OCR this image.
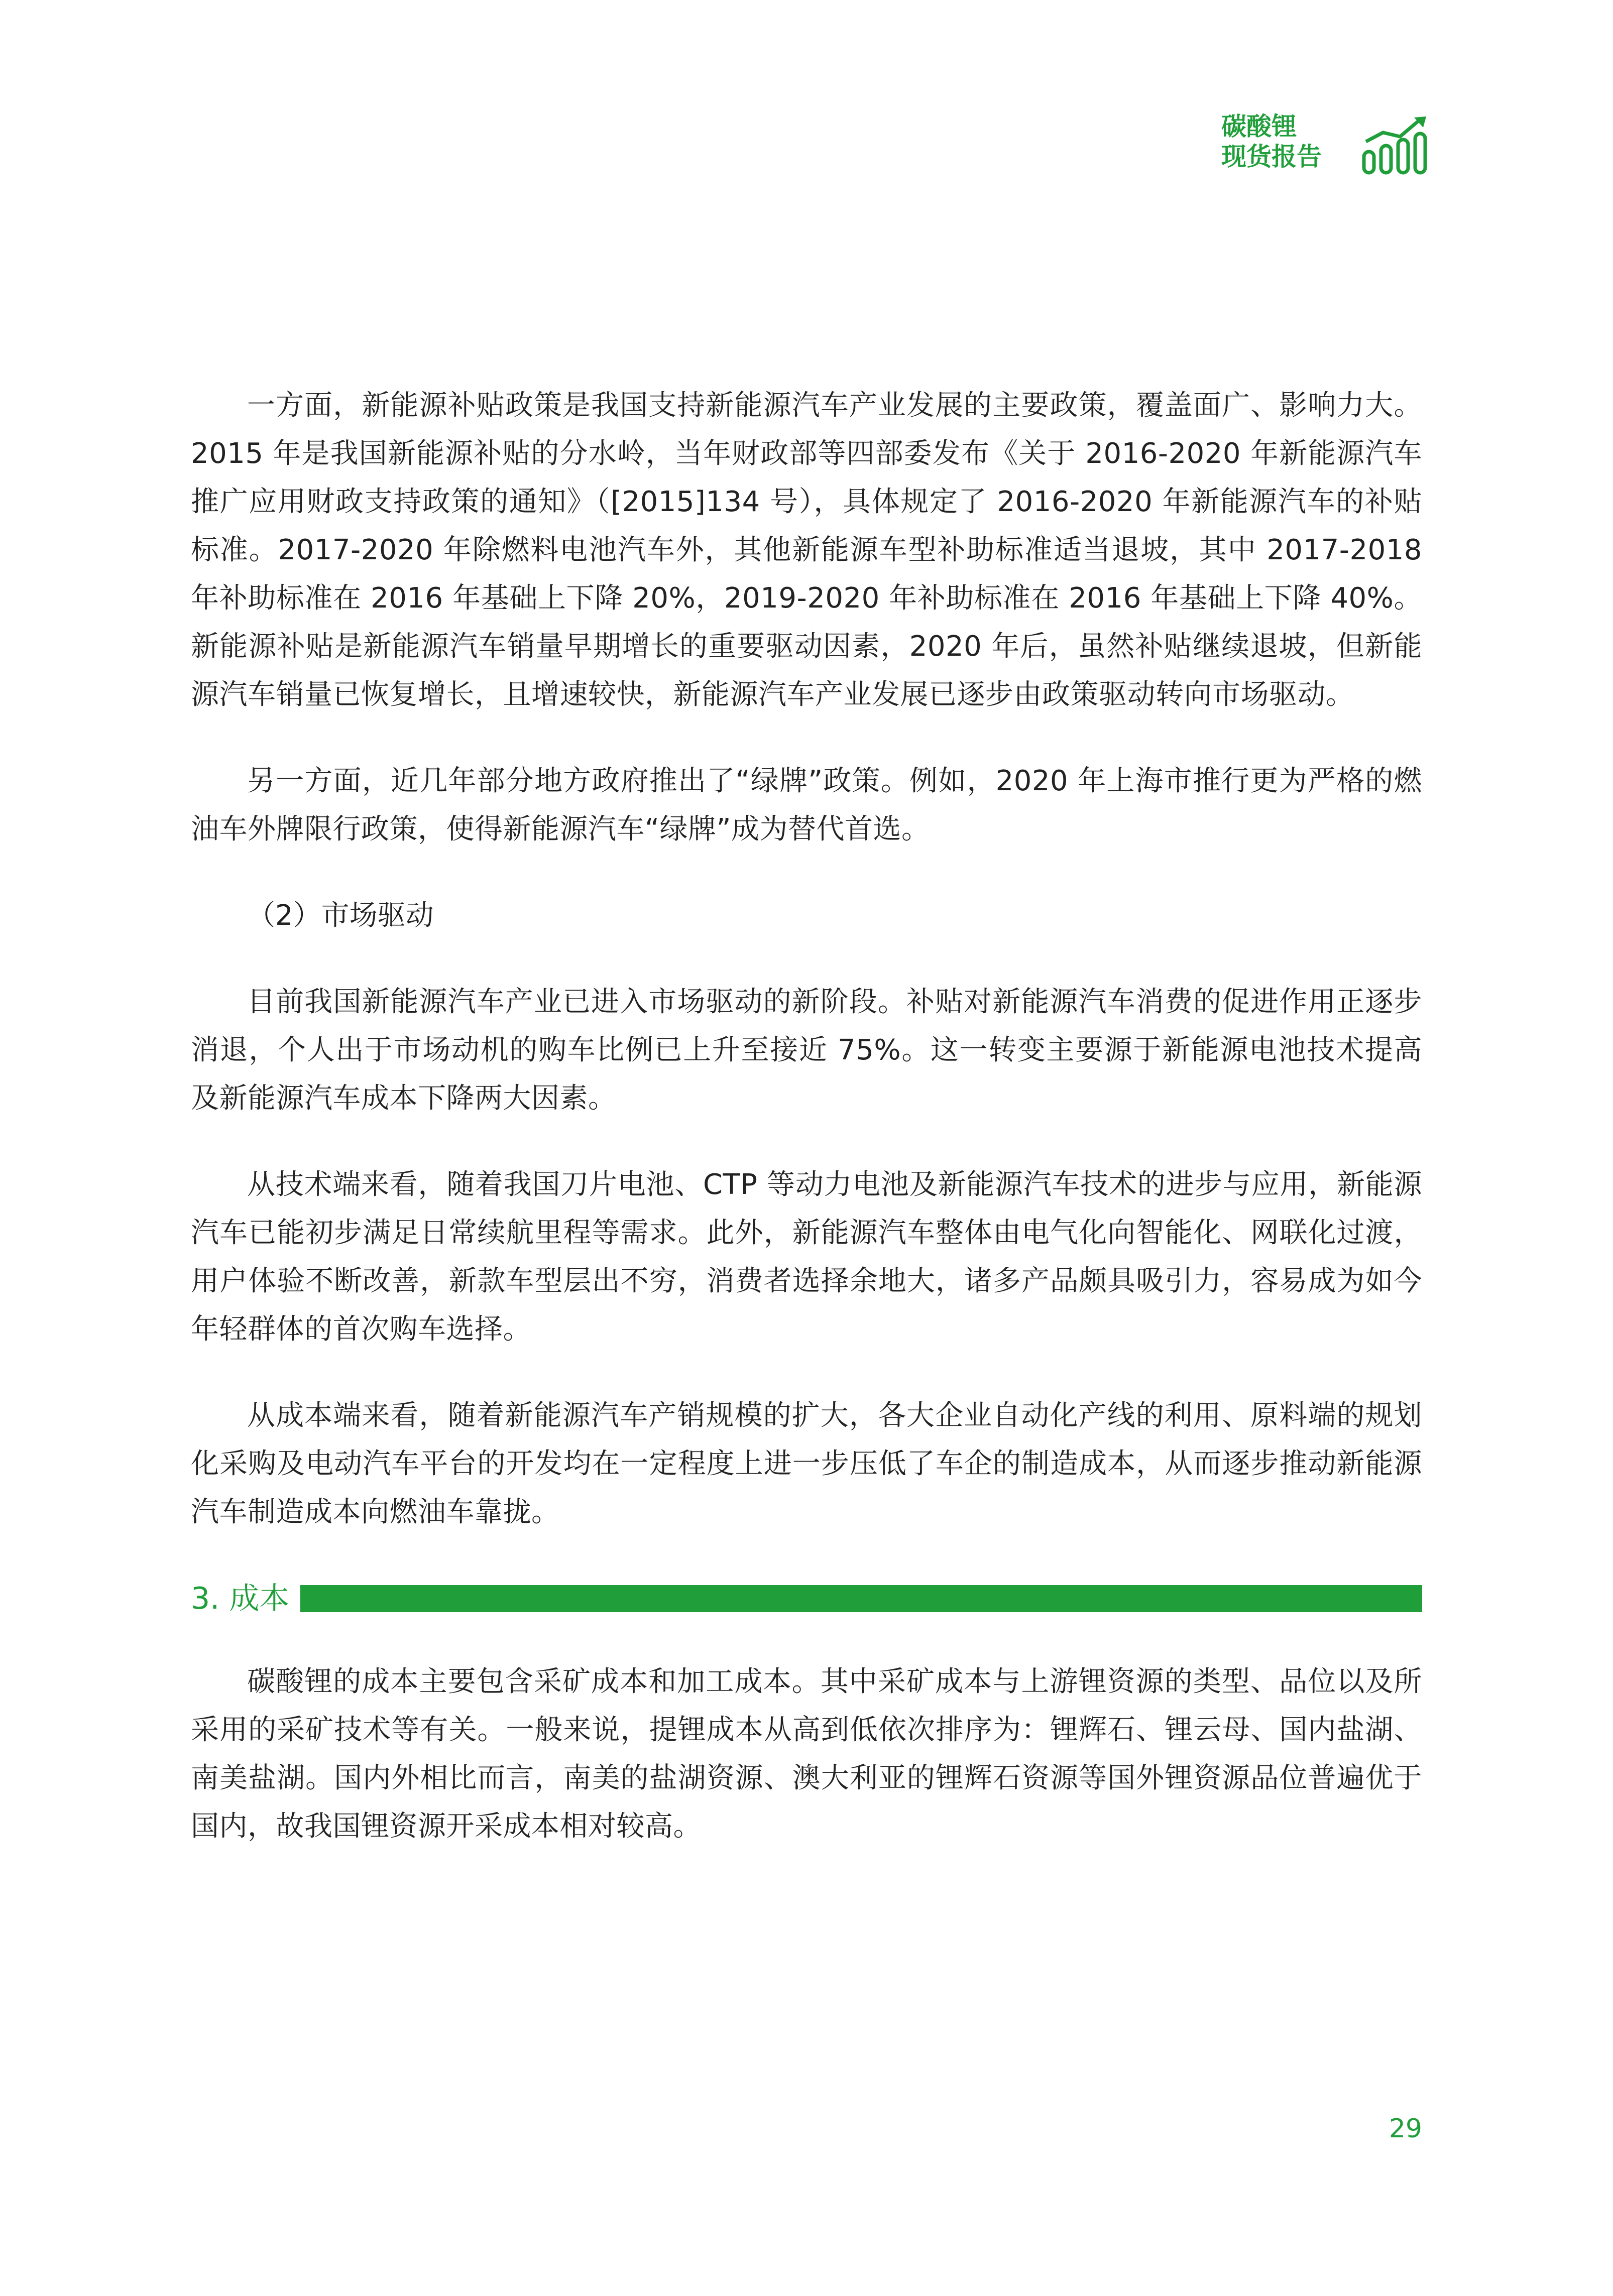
碳酸锂
现货报告

一方面，新能源补贴政策是我国支持新能源汽车产业发展的主要政策，覆盖面广、影响力大。2015 年是我国新能源补贴的分水岭，当年财政部等四部委发布《关于 2016-2020 年新能源汽车推广应用财政支持政策的通知》（[2015]134 号），具体规定了 2016-2020 年新能源汽车的补贴标准。2017-2020 年除燃料电池汽车外，其他新能源车型补助标准适当退坡，其中 2017-2018 年补助标准在 2016 年基础上下降 20%，2019-2020 年补助标准在 2016 年基础上下降 40%。新能源补贴是新能源汽车销量早期增长的重要驱动因素，2020 年后，虽然补贴继续退坡，但新能源汽车销量已恢复增长，且增速较快，新能源汽车产业发展已逐步由政策驱动转向市场驱动。

另一方面，近几年部分地方政府推出了“绿牌”政策。例如，2020 年上海市推行更为严格的燃油车外牌限行政策，使得新能源汽车“绿牌”成为替代首选。

（2）市场驱动

目前我国新能源汽车产业已进入市场驱动的新阶段。补贴对新能源汽车消费的促进作用正逐步消退，个人出于市场动机的购车比例已上升至接近 75%。这一转变主要源于新能源电池技术提高及新能源汽车成本下降两大因素。

从技术端来看，随着我国刀片电池、CTP 等动力电池及新能源汽车技术的进步与应用，新能源汽车已能初步满足日常续航里程等需求。此外，新能源汽车整体由电气化向智能化、网联化过渡，用户体验不断改善，新款车型层出不穷，消费者选择余地大，诸多产品颇具吸引力，容易成为如今年轻群体的首次购车选择。

从成本端来看，随着新能源汽车产销规模的扩大，各大企业自动化产线的利用、原料端的规划化采购及电动汽车平台的开发均在一定程度上进一步压低了车企的制造成本，从而逐步推动新能源汽车制造成本向燃油车靠拢。

3. 成本

碳酸锂的成本主要包含采矿成本和加工成本。其中采矿成本与上游锂资源的类型、品位以及所采用的采矿技术等有关。一般来说，提锂成本从高到低依次排序为：锂辉石、锂云母、国内盐湖、南美盐湖。国内外相比而言，南美的盐湖资源、澳大利亚的锂辉石资源等国外锂资源品位普遍优于国内，故我国锂资源开采成本相对较高。

29
